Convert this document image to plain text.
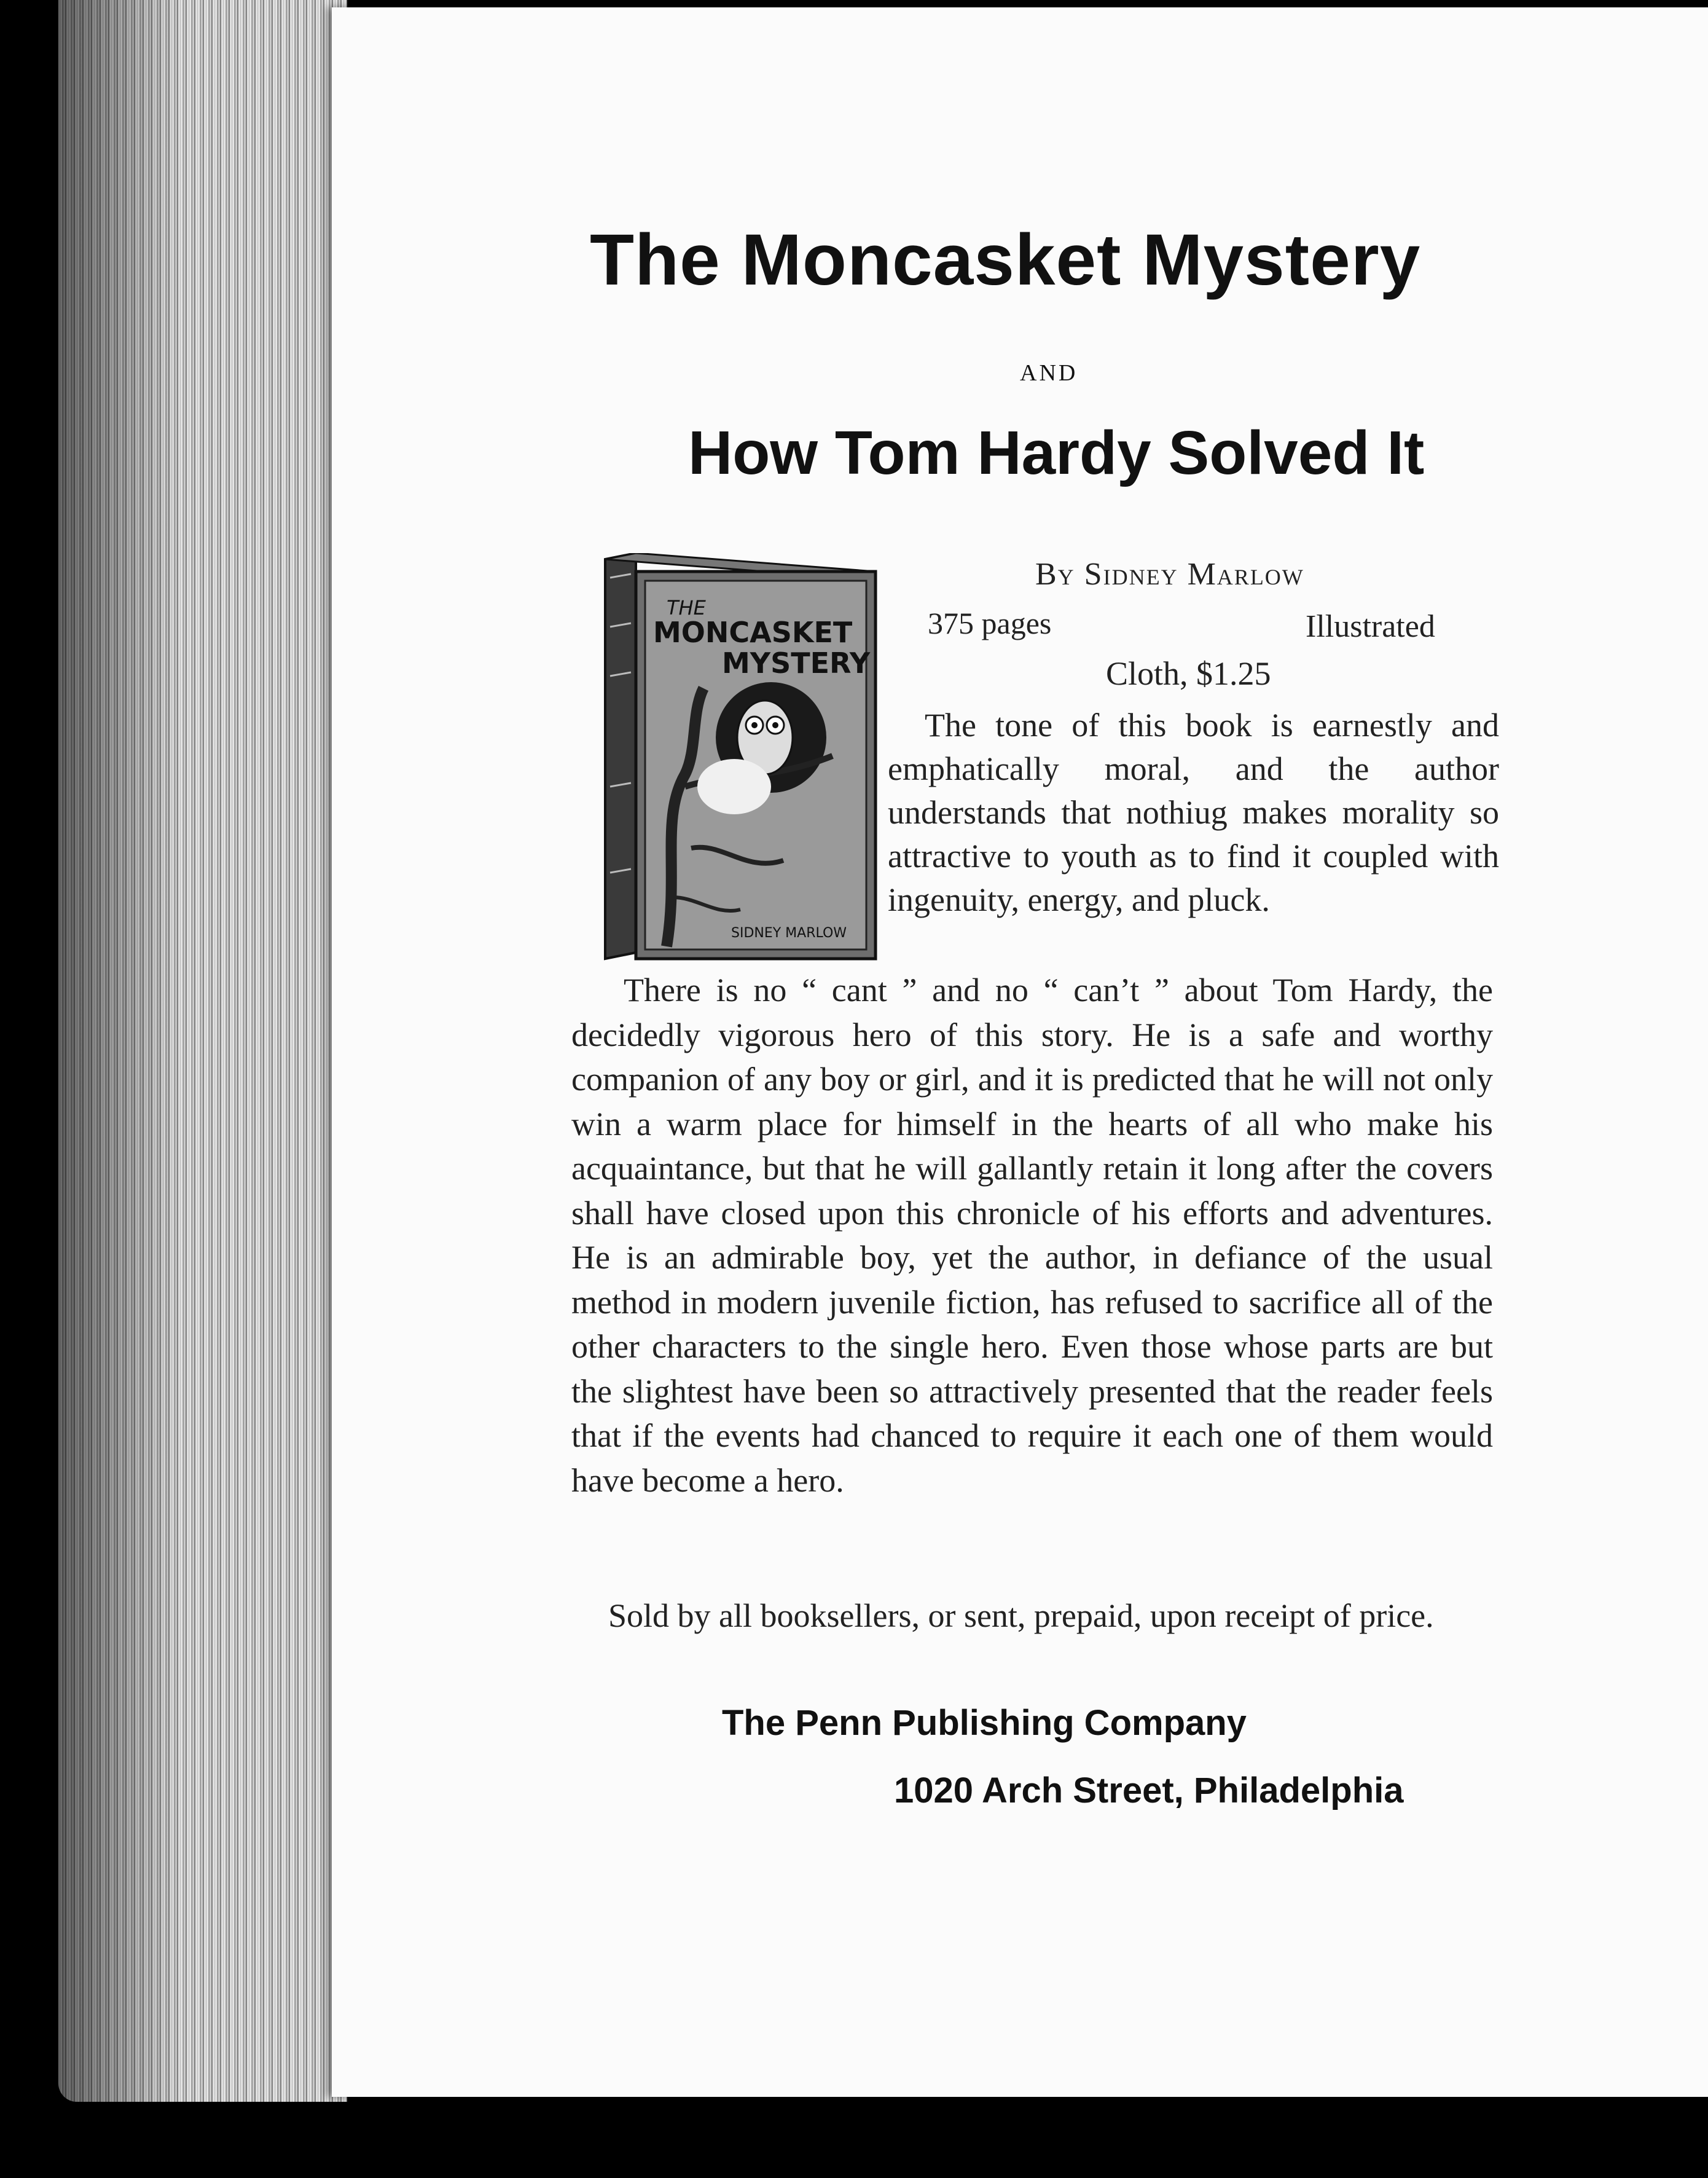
The Moncasket Mystery
AND
How Tom Hardy Solved It
THE
MONCASKET
MYSTERY
SIDNEY MARLOW
By Sidney Marlow
375 pages	Illustrated
Cloth, $1.25

The tone of this book is earnestly and emphatically moral, and the author understands that nothiug makes morality so attractive to youth as to find it coupled with ingenuity, energy, and pluck.

There is no “ cant ” and no “ can’t ” about Tom Hardy, the decidedly vigorous hero of this story. He is a safe and worthy companion of any boy or girl, and it is predicted that he will not only win a warm place for himself in the hearts of all who make his acquaintance, but that he will gallantly retain it long after the covers shall have closed upon this chronicle of his efforts and adventures. He is an admirable boy, yet the author, in defiance of the usual method in modern juvenile fiction, has refused to sacrifice all of the other characters to the single hero. Even those whose parts are but the slightest have been so attractively presented that the reader feels that if the events had chanced to require it each one of them would have become a hero.

Sold by all booksellers, or sent, prepaid, upon receipt of price.

The Penn Publishing Company
1020 Arch Street, Philadelphia
